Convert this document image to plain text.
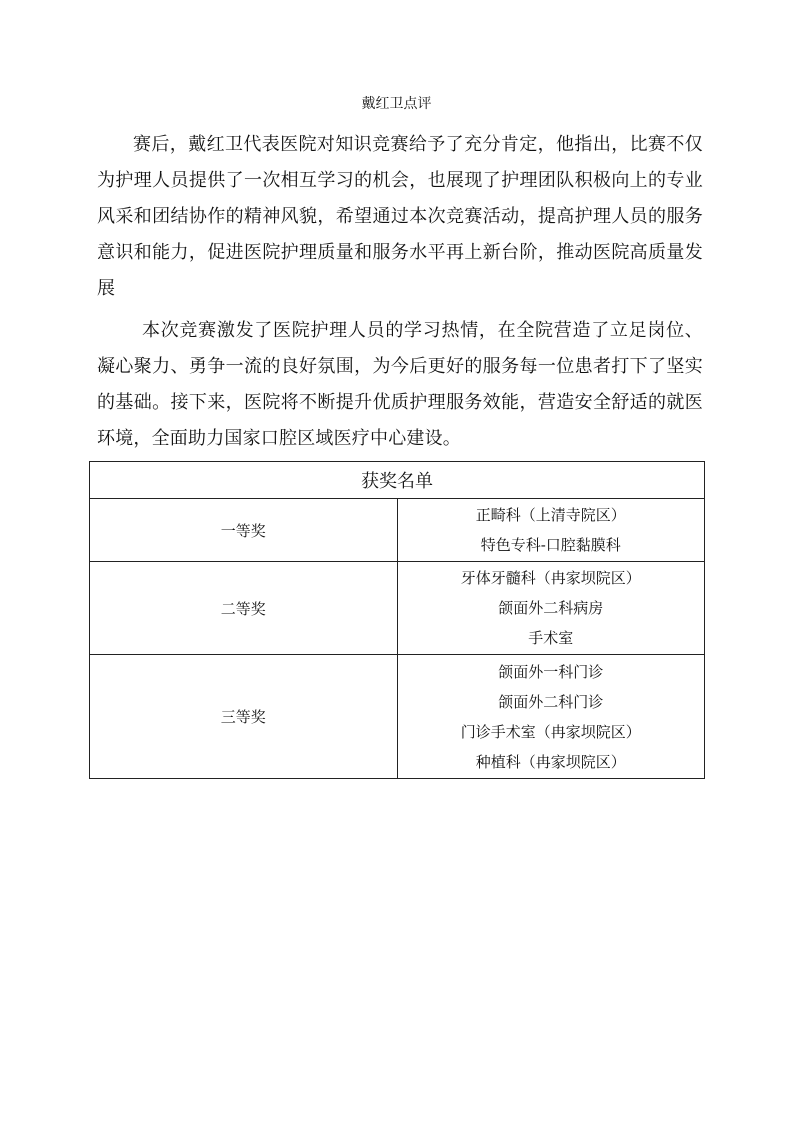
戴红卫点评
赛后，戴红卫代表医院对知识竞赛给予了充分肯定，他指出，比赛不仅为护理人员提供了一次相互学习的机会，也展现了护理团队积极向上的专业风采和团结协作的精神风貌，希望通过本次竞赛活动，提高护理人员的服务意识和能力，促进医院护理质量和服务水平再上新台阶，推动医院高质量发展
本次竞赛激发了医院护理人员的学习热情，在全院营造了立足岗位、凝心聚力、勇争一流的良好氛围，为今后更好的服务每一位患者打下了坚实的基础。接下来，医院将不断提升优质护理服务效能，营造安全舒适的就医环境，全面助力国家口腔区域医疗中心建设。
获奖名单	
一等奖	正畸科（上清寺院区）
特色专科-口腔黏膜科

二等奖	牙体牙髓科（冉家坝院区）
颌面外二科病房
手术室

三等奖	颌面外一科门诊
颌面外二科门诊
门诊手术室（冉家坝院区）
种植科（冉家坝院区）
